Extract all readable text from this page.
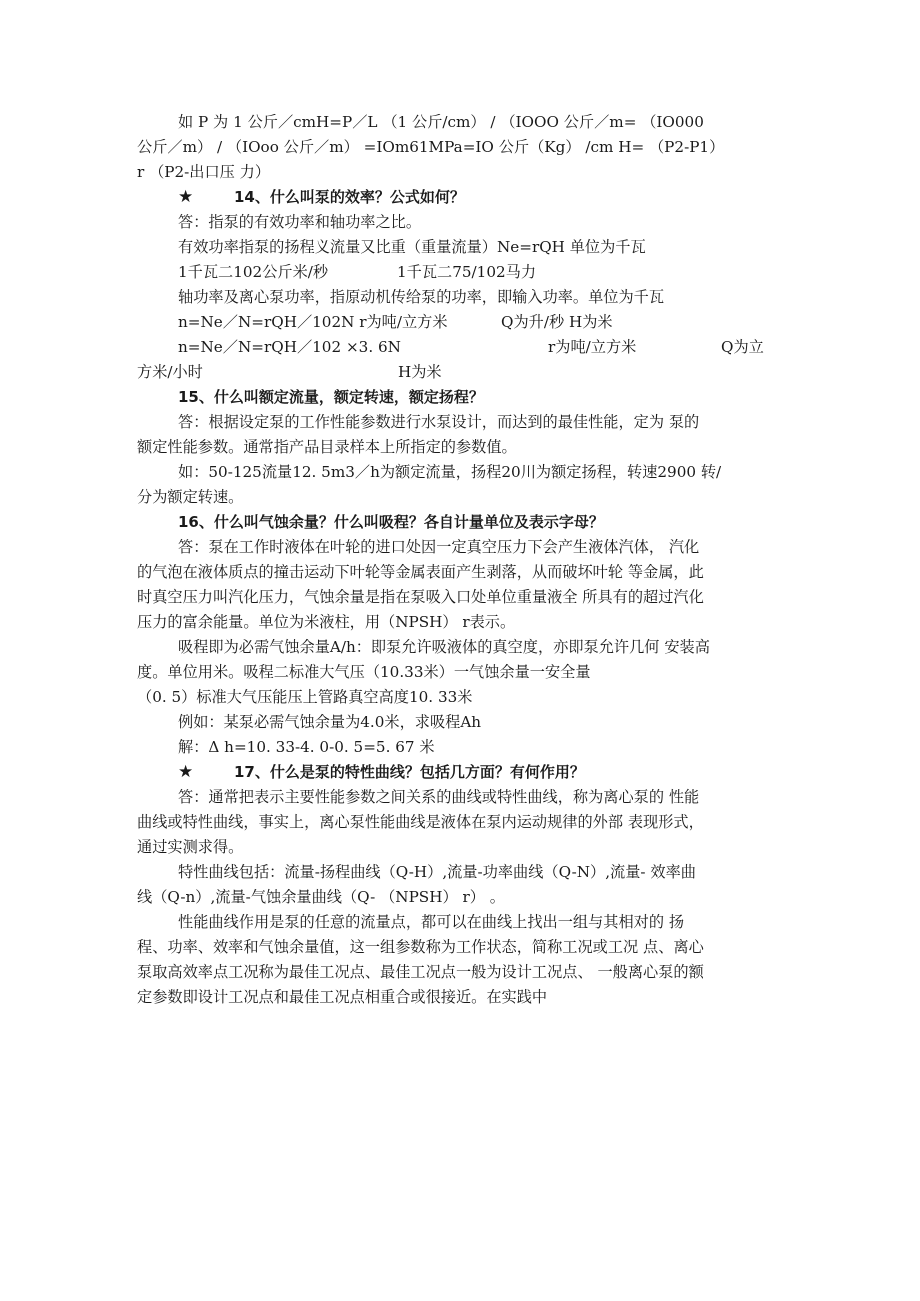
如 P 为 1 公斤／cmH=P／L （1 公斤/cm） / （IOOO 公斤／m= （IO000
公斤／m） / （IOoo 公斤／m） =IOm61MPa=IO 公斤（Kg） /cm H= （P2-P1）
r （P2-出口压 力）
★	14、什么叫泵的效率？公式如何？
答：指泵的有效功率和轴功率之比。
有效功率指泵的扬程义流量又比重（重量流量）Ne=rQH 单位为千瓦
1千瓦二102公斤米/秒	1千瓦二75/102马力
轴功率及离心泵功率，指原动机传给泵的功率，即输入功率。单位为千瓦
n=Ne／N=rQH／102N r为吨/立方米	Q为升/秒 H为米
n=Ne／N=rQH／102 ×3. 6N	r为吨/立方米	Q为立
方米/小时	H为米
15、什么叫额定流量，额定转速，额定扬程？
答：根据设定泵的工作性能参数进行水泵设计，而达到的最佳性能，定为 泵的
额定性能参数。通常指产品目录样本上所指定的参数值。
如：50-125流量12. 5m3／h为额定流量，扬程20川为额定扬程，转速2900 转/
分为额定转速。
16、什么叫气蚀余量？什么叫吸程？各自计量单位及表示字母？
答：泵在工作时液体在叶轮的进口处因一定真空压力下会产生液体汽体， 汽化
的气泡在液体质点的撞击运动下叶轮等金属表面产生剥落，从而破坏叶轮 等金属，此
时真空压力叫汽化压力，气蚀余量是指在泵吸入口处单位重量液全 所具有的超过汽化
压力的富余能量。单位为米液柱，用（NPSH） r表示。
吸程即为必需气蚀余量A/h：即泵允许吸液体的真空度，亦即泵允许几何 安装高
度。单位用米。吸程二标准大气压（10.33米）一气蚀余量一安全量
（0. 5）标准大气压能压上管路真空高度10. 33米
例如：某泵必需气蚀余量为4.0米，求吸程Ah
解：Δ h=10. 33-4. 0-0. 5=5. 67 米
★	17、什么是泵的特性曲线？包括几方面？有何作用？
答：通常把表示主要性能参数之间关系的曲线或特性曲线，称为离心泵的 性能
曲线或特性曲线，事实上，离心泵性能曲线是液体在泵内运动规律的外部 表现形式，
通过实测求得。
特性曲线包括：流量-扬程曲线（Q-H）,流量-功率曲线（Q-N）,流量- 效率曲
线（Q-n）,流量-气蚀余量曲线（Q- （NPSH） r） 。
性能曲线作用是泵的任意的流量点，都可以在曲线上找出一组与其相对的 扬
程、功率、效率和气蚀余量值，这一组参数称为工作状态，简称工况或工况 点、离心
泵取高效率点工况称为最佳工况点、最佳工况点一般为设计工况点、 一般离心泵的额
定参数即设计工况点和最佳工况点相重合或很接近。在实践中
